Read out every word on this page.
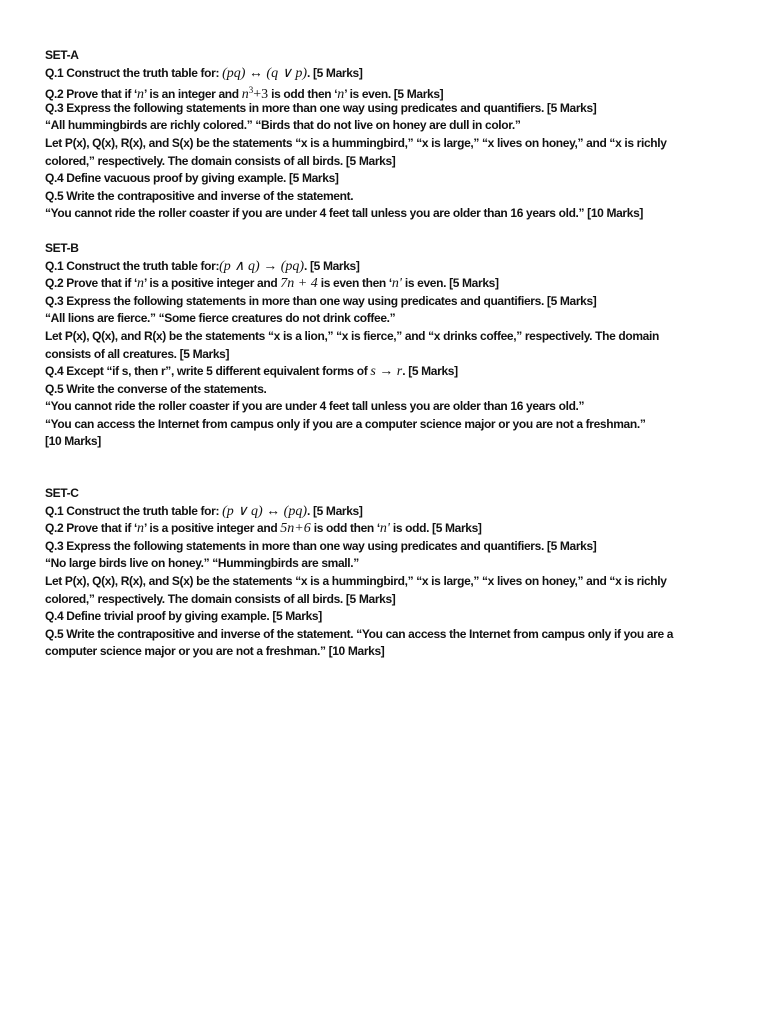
SET-A
Q.1 Construct the truth table for: (pq) ↔ (q ∨ p). [5 Marks]
Q.2 Prove that if ‘n’ is an integer and $n^3+3$ is odd then ‘n’ is even. [5 Marks]
Q.3 Express the following statements in more than one way using predicates and quantifiers. [5 Marks]
“All hummingbirds are richly colored.” “Birds that do not live on honey are dull in color.”
Let P(x), Q(x), R(x), and S(x) be the statements “x is a hummingbird,” “x is large,” “x lives on honey,” and “x is richly
colored,” respectively. The domain consists of all birds. [5 Marks]
Q.4 Define vacuous proof by giving example. [5 Marks]
Q.5 Write the contrapositive and inverse of the statement.
“You cannot ride the roller coaster if you are under 4 feet tall unless you are older than 16 years old.” [10 Marks]
SET-B
Q.1 Construct the truth table for:(p ∧ q) → (pq). [5 Marks]
Q.2 Prove that if ‘n’ is a positive integer and 7n + 4 is even then ‘n' is even. [5 Marks]
Q.3 Express the following statements in more than one way using predicates and quantifiers. [5 Marks]
“All lions are fierce.” “Some fierce creatures do not drink coffee.”
Let P(x), Q(x), and R(x) be the statements “x is a lion,” “x is fierce,” and “x drinks coffee,” respectively. The domain
consists of all creatures. [5 Marks]
Q.4 Except “if s, then r”, write 5 different equivalent forms of s → r. [5 Marks]
Q.5 Write the converse of the statements.
“You cannot ride the roller coaster if you are under 4 feet tall unless you are older than 16 years old.”
“You can access the Internet from campus only if you are a computer science major or you are not a freshman.”
[10 Marks]
SET-C
Q.1 Construct the truth table for: (p ∨ q) ↔ (pq). [5 Marks]
Q.2 Prove that if ‘n’ is a positive integer and 5n+6 is odd then ‘n' is odd. [5 Marks]
Q.3 Express the following statements in more than one way using predicates and quantifiers. [5 Marks]
“No large birds live on honey.” “Hummingbirds are small.”
Let P(x), Q(x), R(x), and S(x) be the statements “x is a hummingbird,” “x is large,” “x lives on honey,” and “x is richly
colored,” respectively. The domain consists of all birds. [5 Marks]
Q.4 Define trivial proof by giving example. [5 Marks]
Q.5 Write the contrapositive and inverse of the statement. “You can access the Internet from campus only if you are a
computer science major or you are not a freshman.” [10 Marks]
